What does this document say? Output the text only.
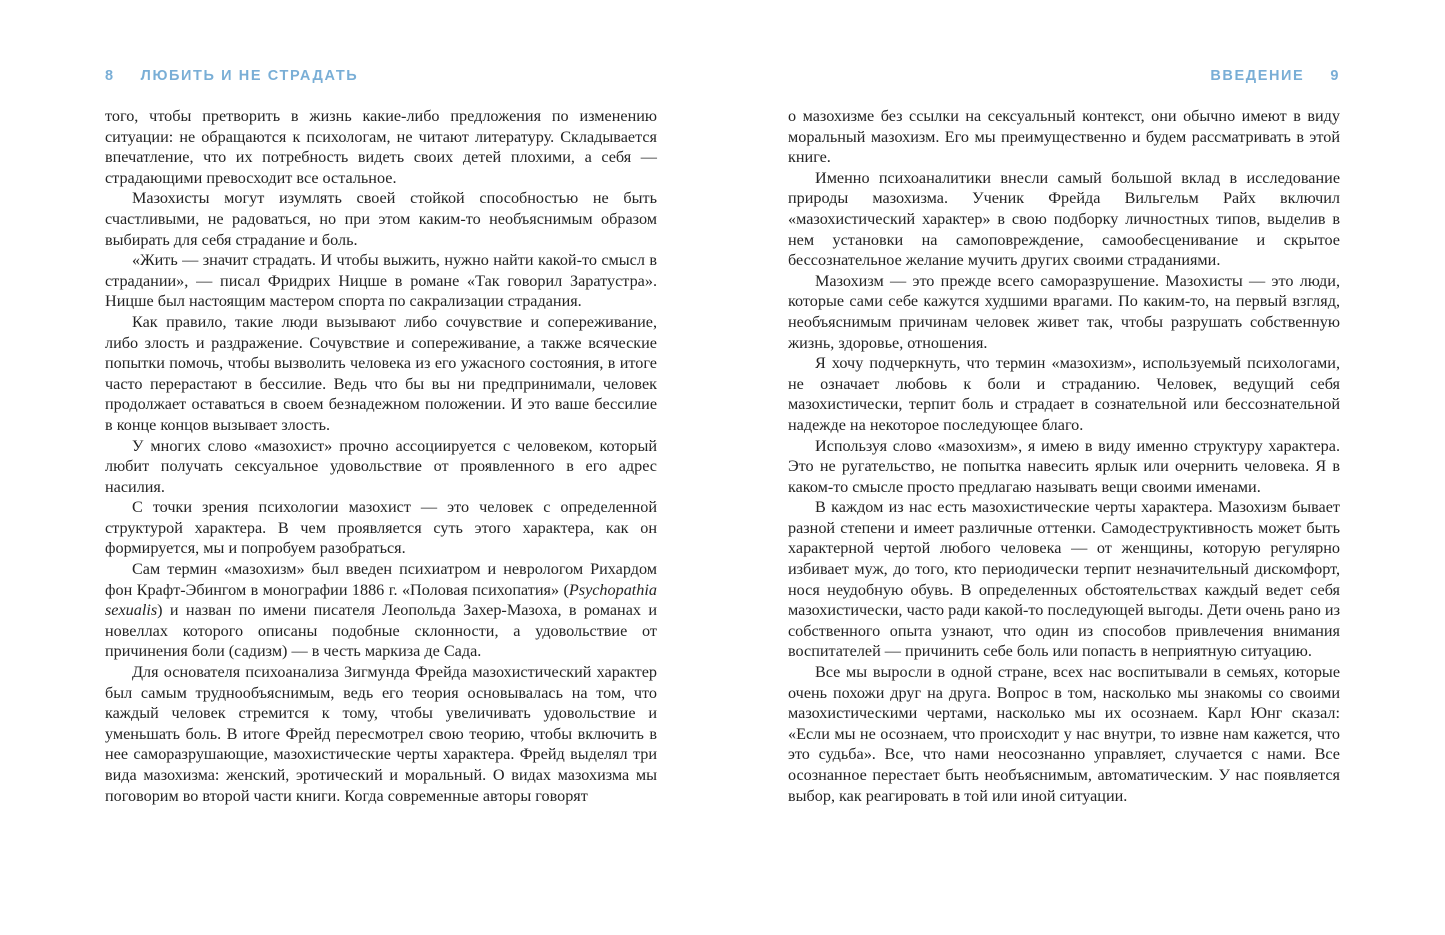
8 ЛЮБИТЬ И НЕ СТРАДАТЬ

того, чтобы претворить в жизнь какие-либо предложения по изменению ситуации: не обращаются к психологам, не читают литературу. Складывается впечатление, что их потребность видеть своих детей плохими, а себя — страдающими превосходит все остальное.

Мазохисты могут изумлять своей стойкой способностью не быть счастливыми, не радоваться, но при этом каким-то необъяснимым образом выбирать для себя страдание и боль.

«Жить — значит страдать. И чтобы выжить, нужно найти какой-то смысл в страдании», — писал Фридрих Ницше в романе «Так говорил Заратустра». Ницше был настоящим мастером спорта по сакрализации страдания.

Как правило, такие люди вызывают либо сочувствие и сопереживание, либо злость и раздражение. Сочувствие и сопереживание, а также всяческие попытки помочь, чтобы вызволить человека из его ужасного состояния, в итоге часто перерастают в бессилие. Ведь что бы вы ни предпринимали, человек продолжает оставаться в своем безнадежном положении. И это ваше бессилие в конце концов вызывает злость.

У многих слово «мазохист» прочно ассоциируется с человеком, который любит получать сексуальное удовольствие от проявленного в его адрес насилия.

С точки зрения психологии мазохист — это человек с определенной структурой характера. В чем проявляется суть этого характера, как он формируется, мы и попробуем разобраться.

Сам термин «мазохизм» был введен психиатром и неврологом Рихардом фон Крафт-Эбингом в монографии 1886 г. «Половая психопатия» (Psychopathia sexualis) и назван по имени писателя Леопольда Захер-Мазоха, в романах и новеллах которого описаны подобные склонности, а удовольствие от причинения боли (садизм) — в честь маркиза де Сада.

Для основателя психоанализа Зигмунда Фрейда мазохистический характер был самым труднообъяснимым, ведь его теория основывалась на том, что каждый человек стремится к тому, чтобы увеличивать удовольствие и уменьшать боль. В итоге Фрейд пересмотрел свою теорию, чтобы включить в нее саморазрушающие, мазохистические черты характера. Фрейд выделял три вида мазохизма: женский, эротический и моральный. О видах мазохизма мы поговорим во второй части книги. Когда современные авторы говорят

ВВЕДЕНИЕ 9

о мазохизме без ссылки на сексуальный контекст, они обычно имеют в виду моральный мазохизм. Его мы преимущественно и будем рассматривать в этой книге.

Именно психоаналитики внесли самый большой вклад в исследование природы мазохизма. Ученик Фрейда Вильгельм Райх включил «мазохистический характер» в свою подборку личностных типов, выделив в нем установки на самоповреждение, самообесценивание и скрытое бессознательное желание мучить других своими страданиями.

Мазохизм — это прежде всего саморазрушение. Мазохисты — это люди, которые сами себе кажутся худшими врагами. По каким-то, на первый взгляд, необъяснимым причинам человек живет так, чтобы разрушать собственную жизнь, здоровье, отношения.

Я хочу подчеркнуть, что термин «мазохизм», используемый психологами, не означает любовь к боли и страданию. Человек, ведущий себя мазохистически, терпит боль и страдает в сознательной или бессознательной надежде на некоторое последующее благо.

Используя слово «мазохизм», я имею в виду именно структуру характера. Это не ругательство, не попытка навесить ярлык или очернить человека. Я в каком-то смысле просто предлагаю называть вещи своими именами.

В каждом из нас есть мазохистические черты характера. Мазохизм бывает разной степени и имеет различные оттенки. Самодеструктивность может быть характерной чертой любого человека — от женщины, которую регулярно избивает муж, до того, кто периодически терпит незначительный дискомфорт, нося неудобную обувь. В определенных обстоятельствах каждый ведет себя мазохистически, часто ради какой-то последующей выгоды. Дети очень рано из собственного опыта узнают, что один из способов привлечения внимания воспитателей — причинить себе боль или попасть в неприятную ситуацию.

Все мы выросли в одной стране, всех нас воспитывали в семьях, которые очень похожи друг на друга. Вопрос в том, насколько мы знакомы со своими мазохистическими чертами, насколько мы их осознаем. Карл Юнг сказал: «Если мы не осознаем, что происходит у нас внутри, то извне нам кажется, что это судьба». Все, что нами неосознанно управляет, случается с нами. Все осознанное перестает быть необъяснимым, автоматическим. У нас появляется выбор, как реагировать в той или иной ситуации.
